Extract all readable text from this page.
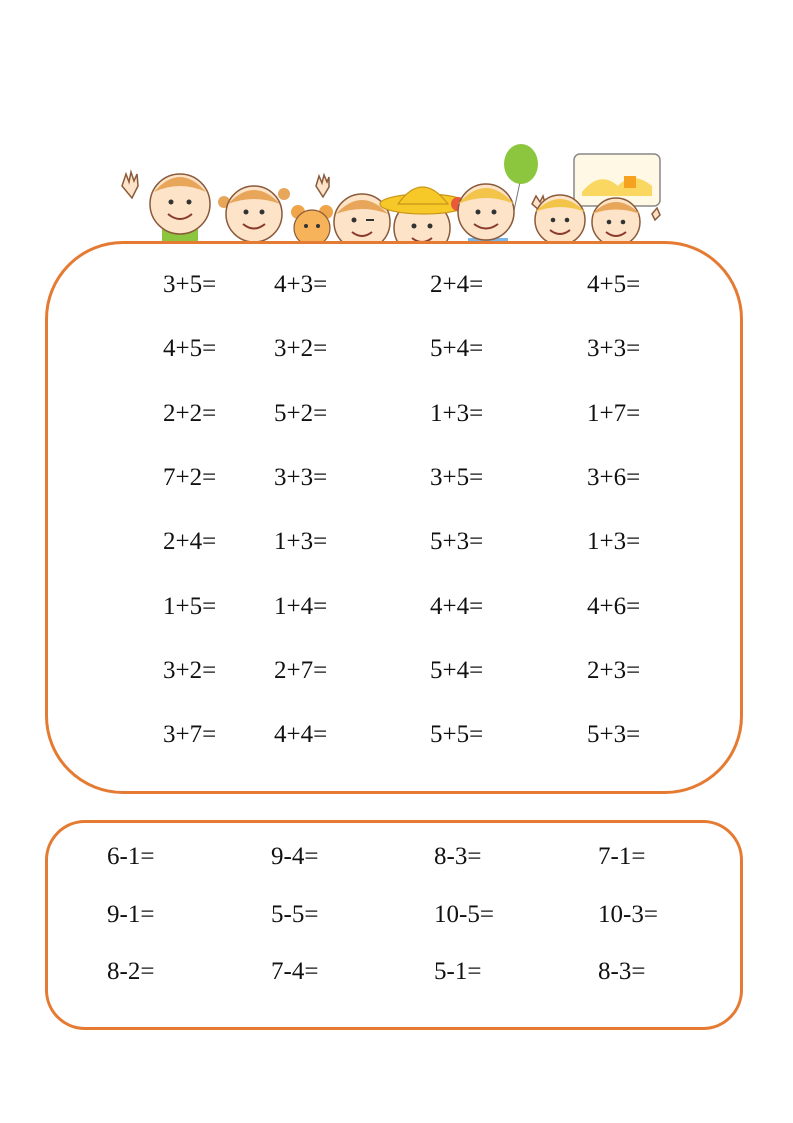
3+5= 4+3=	2+4=	4+5=
4+5= 3+2=	5+4=	3+3=
2+2= 5+2=	1+3=	1+7=
7+2= 3+3=	3+5=	3+6=
2+4= 1+3=	5+3=	1+3=
1+5= 1+4=	4+4=	4+6=
3+2= 2+7=	5+4=	2+3=
3+7= 4+4=	5+5=	5+3=
6-1=	9-4=	8-3=	7-1=
9-1=	5-5=	10-5=	10-3=
8-2=	7-4=	5-1=	8-3=
